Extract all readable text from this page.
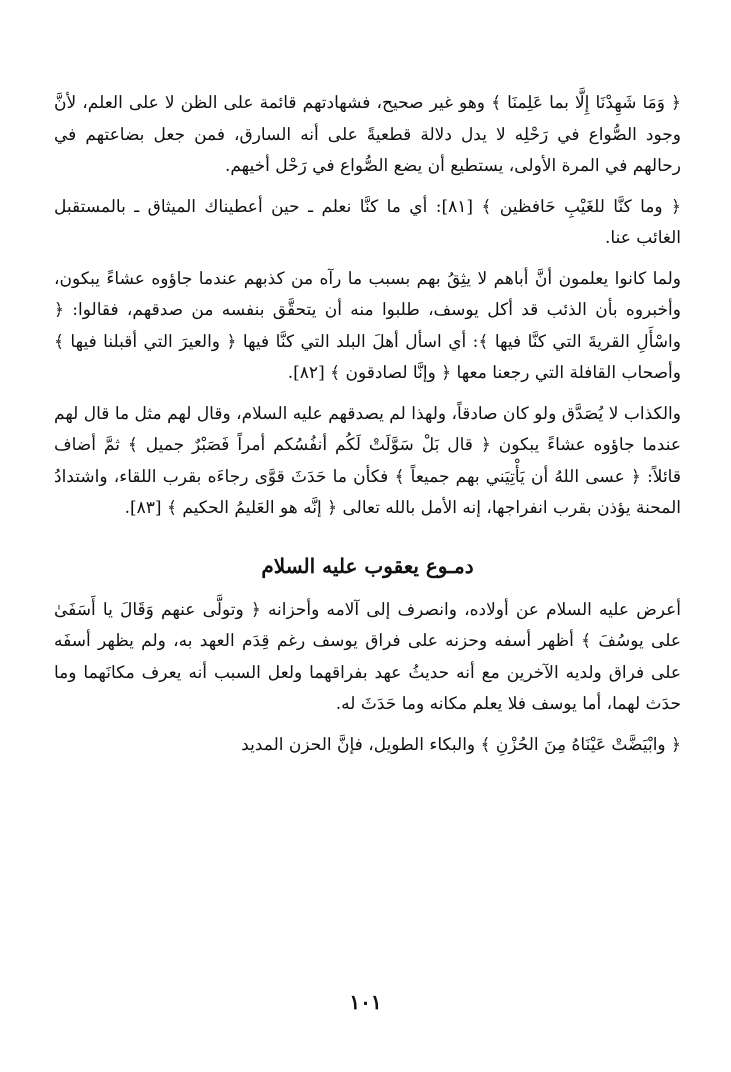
﴿ وَمَا شَهِدْنَا إِلَّا بما عَلِمنَا ﴾ وهو غير صحيح، فشهادتهم قائمة على الظن لا على العلم، لأنَّ وجود الصُّواع في رَحْلِه لا يدل دلالة قطعيةً على أنه السارق، فمن جعل بضاعتهم في رحالهم في المرة الأولى، يستطيع أن يضع الصُّواع في رَحْل أخيهم.

﴿ وما كنَّا للغَيْبِ حَافظين ﴾ [٨١]: أي ما كنَّا نعلم ـ حين أعطيناك الميثاق ـ بالمستقبل الغائب عنا.

ولما كانوا يعلمون أنَّ أباهم لا يثِقُ بهم بسبب ما رآه من كذبهم عندما جاؤوه عشاءً يبكون، وأخبروه بأن الذئب قد أكل يوسف، طلبوا منه أن يتحقَّق بنفسه من صدقهم، فقالوا: ﴿ واسْأَلِ القريةَ التي كنَّا فيها ﴾: أي اسأل أهلَ البلد التي كنَّا فيها ﴿ والعيرَ التي أقبلنا فيها ﴾ وأصحاب القافلة التي رجعنا معها ﴿ وإنَّا لصادقون ﴾ [٨٢].

والكذاب لا يُصَدَّق ولو كان صادقاً، ولهذا لم يصدقهم عليه السلام، وقال لهم مثل ما قال لهم عندما جاؤوه عشاءً يبكون ﴿ قال بَلْ سَوَّلَتْ لَكُم أنفُسُكم أمراً فَصَبْرٌ جميل ﴾ ثمَّ أضاف قائلاً: ﴿ عسى اللهُ أن يَأْتِيَني بهم جميعاً ﴾ فكأن ما حَدَثَ قوَّى رجاءَه بقرب اللقاء، واشتدادُ المحنة يؤذن بقرب انفراجها، إنه الأمل بالله تعالى ﴿ إنَّه هو العَليمُ الحكيم ﴾ [٨٣].

دمـوع يعقوب عليه السلام

أعرض عليه السلام عن أولاده، وانصرف إلى آلامه وأحزانه ﴿ وتولَّى عنهم وَقَالَ يا أَسَفَىٰ على يوسُفَ ﴾ أظهر أسفه وحزنه على فراق يوسف رغم قِدَم العهد به، ولم يظهر أسفَه على فراق ولديه الآخرين مع أنه حديثُ عهد بفراقهما ولعل السبب أنه يعرف مكانَهما وما حدَث لهما، أما يوسف فلا يعلم مكانه وما حَدَثَ له.

﴿ وابْيَضَّتْ عَيْنَاهُ مِنَ الحُزْنِ ﴾ والبكاء الطويل، فإنَّ الحزن المديد

١٠١
